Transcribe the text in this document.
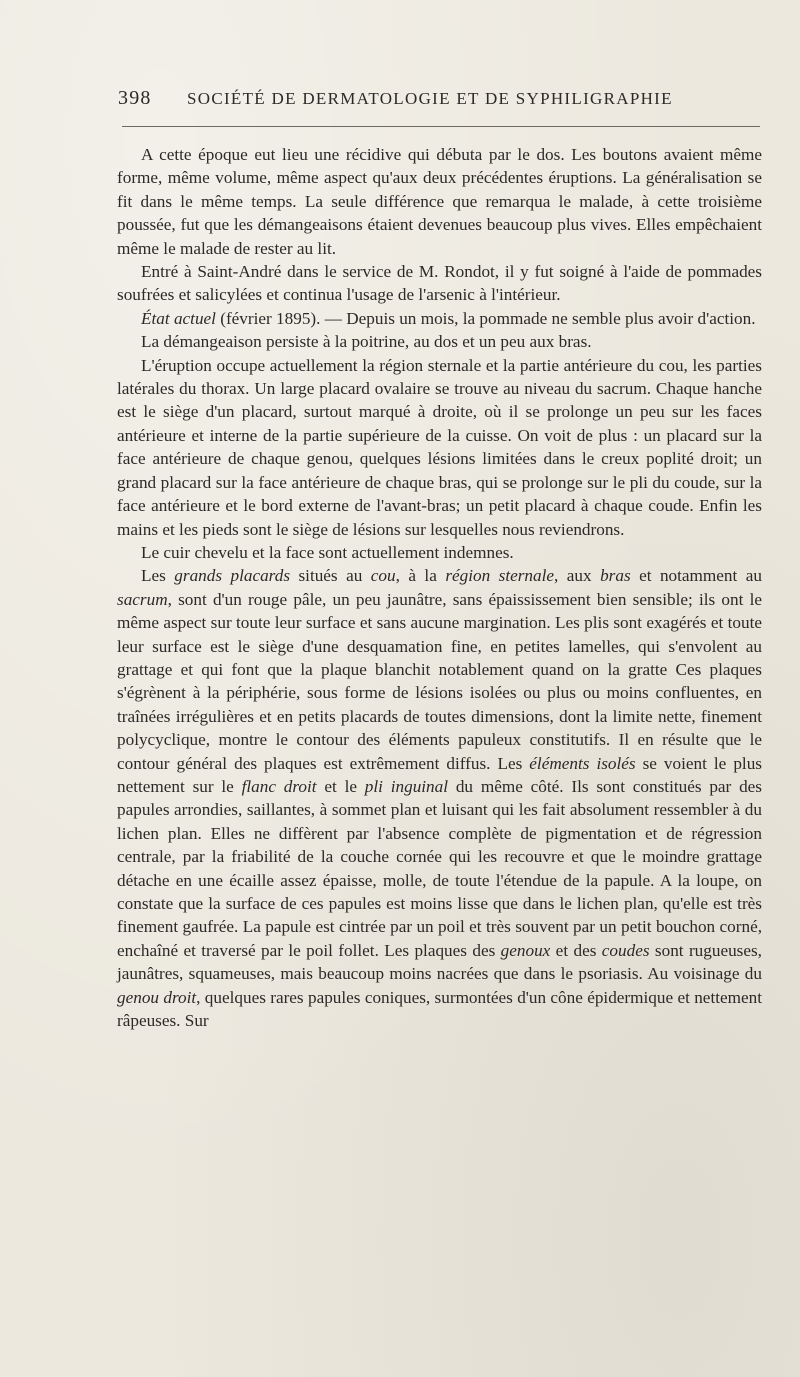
398 SOCIÉTÉ DE DERMATOLOGIE ET DE SYPHILIGRAPHIE

A cette époque eut lieu une récidive qui débuta par le dos. Les boutons avaient même forme, même volume, même aspect qu'aux deux précédentes éruptions. La généralisation se fit dans le même temps. La seule différence que remarqua le malade, à cette troisième poussée, fut que les démangeaisons étaient devenues beaucoup plus vives. Elles empêchaient même le malade de rester au lit.

Entré à Saint-André dans le service de M. Rondot, il y fut soigné à l'aide de pommades soufrées et salicylées et continua l'usage de l'arsenic à l'intérieur.

État actuel (février 1895). — Depuis un mois, la pommade ne semble plus avoir d'action.

La démangeaison persiste à la poitrine, au dos et un peu aux bras.

L'éruption occupe actuellement la région sternale et la partie antérieure du cou, les parties latérales du thorax. Un large placard ovalaire se trouve au niveau du sacrum. Chaque hanche est le siège d'un placard, surtout marqué à droite, où il se prolonge un peu sur les faces antérieure et interne de la partie supérieure de la cuisse. On voit de plus : un placard sur la face antérieure de chaque genou, quelques lésions limitées dans le creux poplité droit; un grand placard sur la face antérieure de chaque bras, qui se prolonge sur le pli du coude, sur la face antérieure et le bord externe de l'avant-bras; un petit placard à chaque coude. Enfin les mains et les pieds sont le siège de lésions sur lesquelles nous reviendrons.

Le cuir chevelu et la face sont actuellement indemnes.

Les grands placards situés au cou, à la région sternale, aux bras et notamment au sacrum, sont d'un rouge pâle, un peu jaunâtre, sans épaississement bien sensible; ils ont le même aspect sur toute leur surface et sans aucune margination. Les plis sont exagérés et toute leur surface est le siège d'une desquamation fine, en petites lamelles, qui s'envolent au grattage et qui font que la plaque blanchit notablement quand on la gratte Ces plaques s'égrènent à la périphérie, sous forme de lésions isolées ou plus ou moins confluentes, en traînées irrégulières et en petits placards de toutes dimensions, dont la limite nette, finement polycyclique, montre le contour des éléments papuleux constitutifs. Il en résulte que le contour général des plaques est extrêmement diffus. Les éléments isolés se voient le plus nettement sur le flanc droit et le pli inguinal du même côté. Ils sont constitués par des papules arrondies, saillantes, à sommet plan et luisant qui les fait absolument ressembler à du lichen plan. Elles ne diffèrent par l'absence complète de pigmentation et de régression centrale, par la friabilité de la couche cornée qui les recouvre et que le moindre grattage détache en une écaille assez épaisse, molle, de toute l'étendue de la papule. A la loupe, on constate que la surface de ces papules est moins lisse que dans le lichen plan, qu'elle est très finement gaufrée. La papule est cintrée par un poil et très souvent par un petit bouchon corné, enchaîné et traversé par le poil follet. Les plaques des genoux et des coudes sont rugueuses, jaunâtres, squameuses, mais beaucoup moins nacrées que dans le psoriasis. Au voisinage du genou droit, quelques rares papules coniques, surmontées d'un cône épidermique et nettement râpeuses. Sur
